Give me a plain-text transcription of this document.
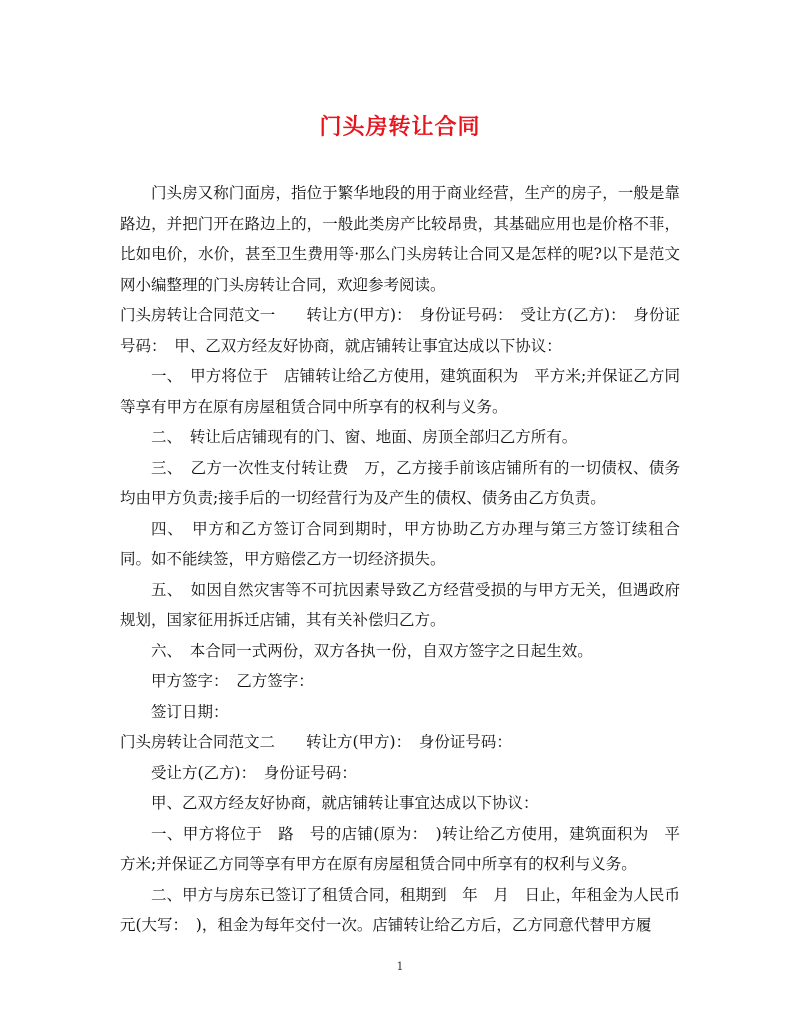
门头房转让合同

门头房又称门面房，指位于繁华地段的用于商业经营，生产的房子，一般是靠路边，并把门开在路边上的，一般此类房产比较昂贵，其基础应用也是价格不菲，比如电价，水价，甚至卫生费用等·那么门头房转让合同又是怎样的呢?以下是范文网小编整理的门头房转让合同，欢迎参考阅读。

门头房转让合同范文一　　转让方(甲方)：　身份证号码：　受让方(乙方)：　身份证号码：　甲、乙双方经友好协商，就店铺转让事宜达成以下协议：

一、　甲方将位于　店铺转让给乙方使用，建筑面积为　平方米;并保证乙方同等享有甲方在原有房屋租赁合同中所享有的权利与义务。

二、　转让后店铺现有的门、窗、地面、房顶全部归乙方所有。

三、　乙方一次性支付转让费　万，乙方接手前该店铺所有的一切债权、债务均由甲方负责;接手后的一切经营行为及产生的债权、债务由乙方负责。

四、　甲方和乙方签订合同到期时，甲方协助乙方办理与第三方签订续租合同。如不能续签，甲方赔偿乙方一切经济损失。

五、　如因自然灾害等不可抗因素导致乙方经营受损的与甲方无关，但遇政府规划，国家征用拆迁店铺，其有关补偿归乙方。

六、　本合同一式两份，双方各执一份，自双方签字之日起生效。

甲方签字：　乙方签字：

签订日期：

门头房转让合同范文二　　转让方(甲方)：　身份证号码：

受让方(乙方)：　身份证号码：

甲、乙双方经友好协商，就店铺转让事宜达成以下协议：

一、甲方将位于　路　号的店铺(原为：　)转让给乙方使用，建筑面积为　平方米;并保证乙方同等享有甲方在原有房屋租赁合同中所享有的权利与义务。

二、甲方与房东已签订了租赁合同，租期到　年　月　日止，年租金为人民币元(大写：　)，租金为每年交付一次。店铺转让给乙方后，乙方同意代替甲方履

1
